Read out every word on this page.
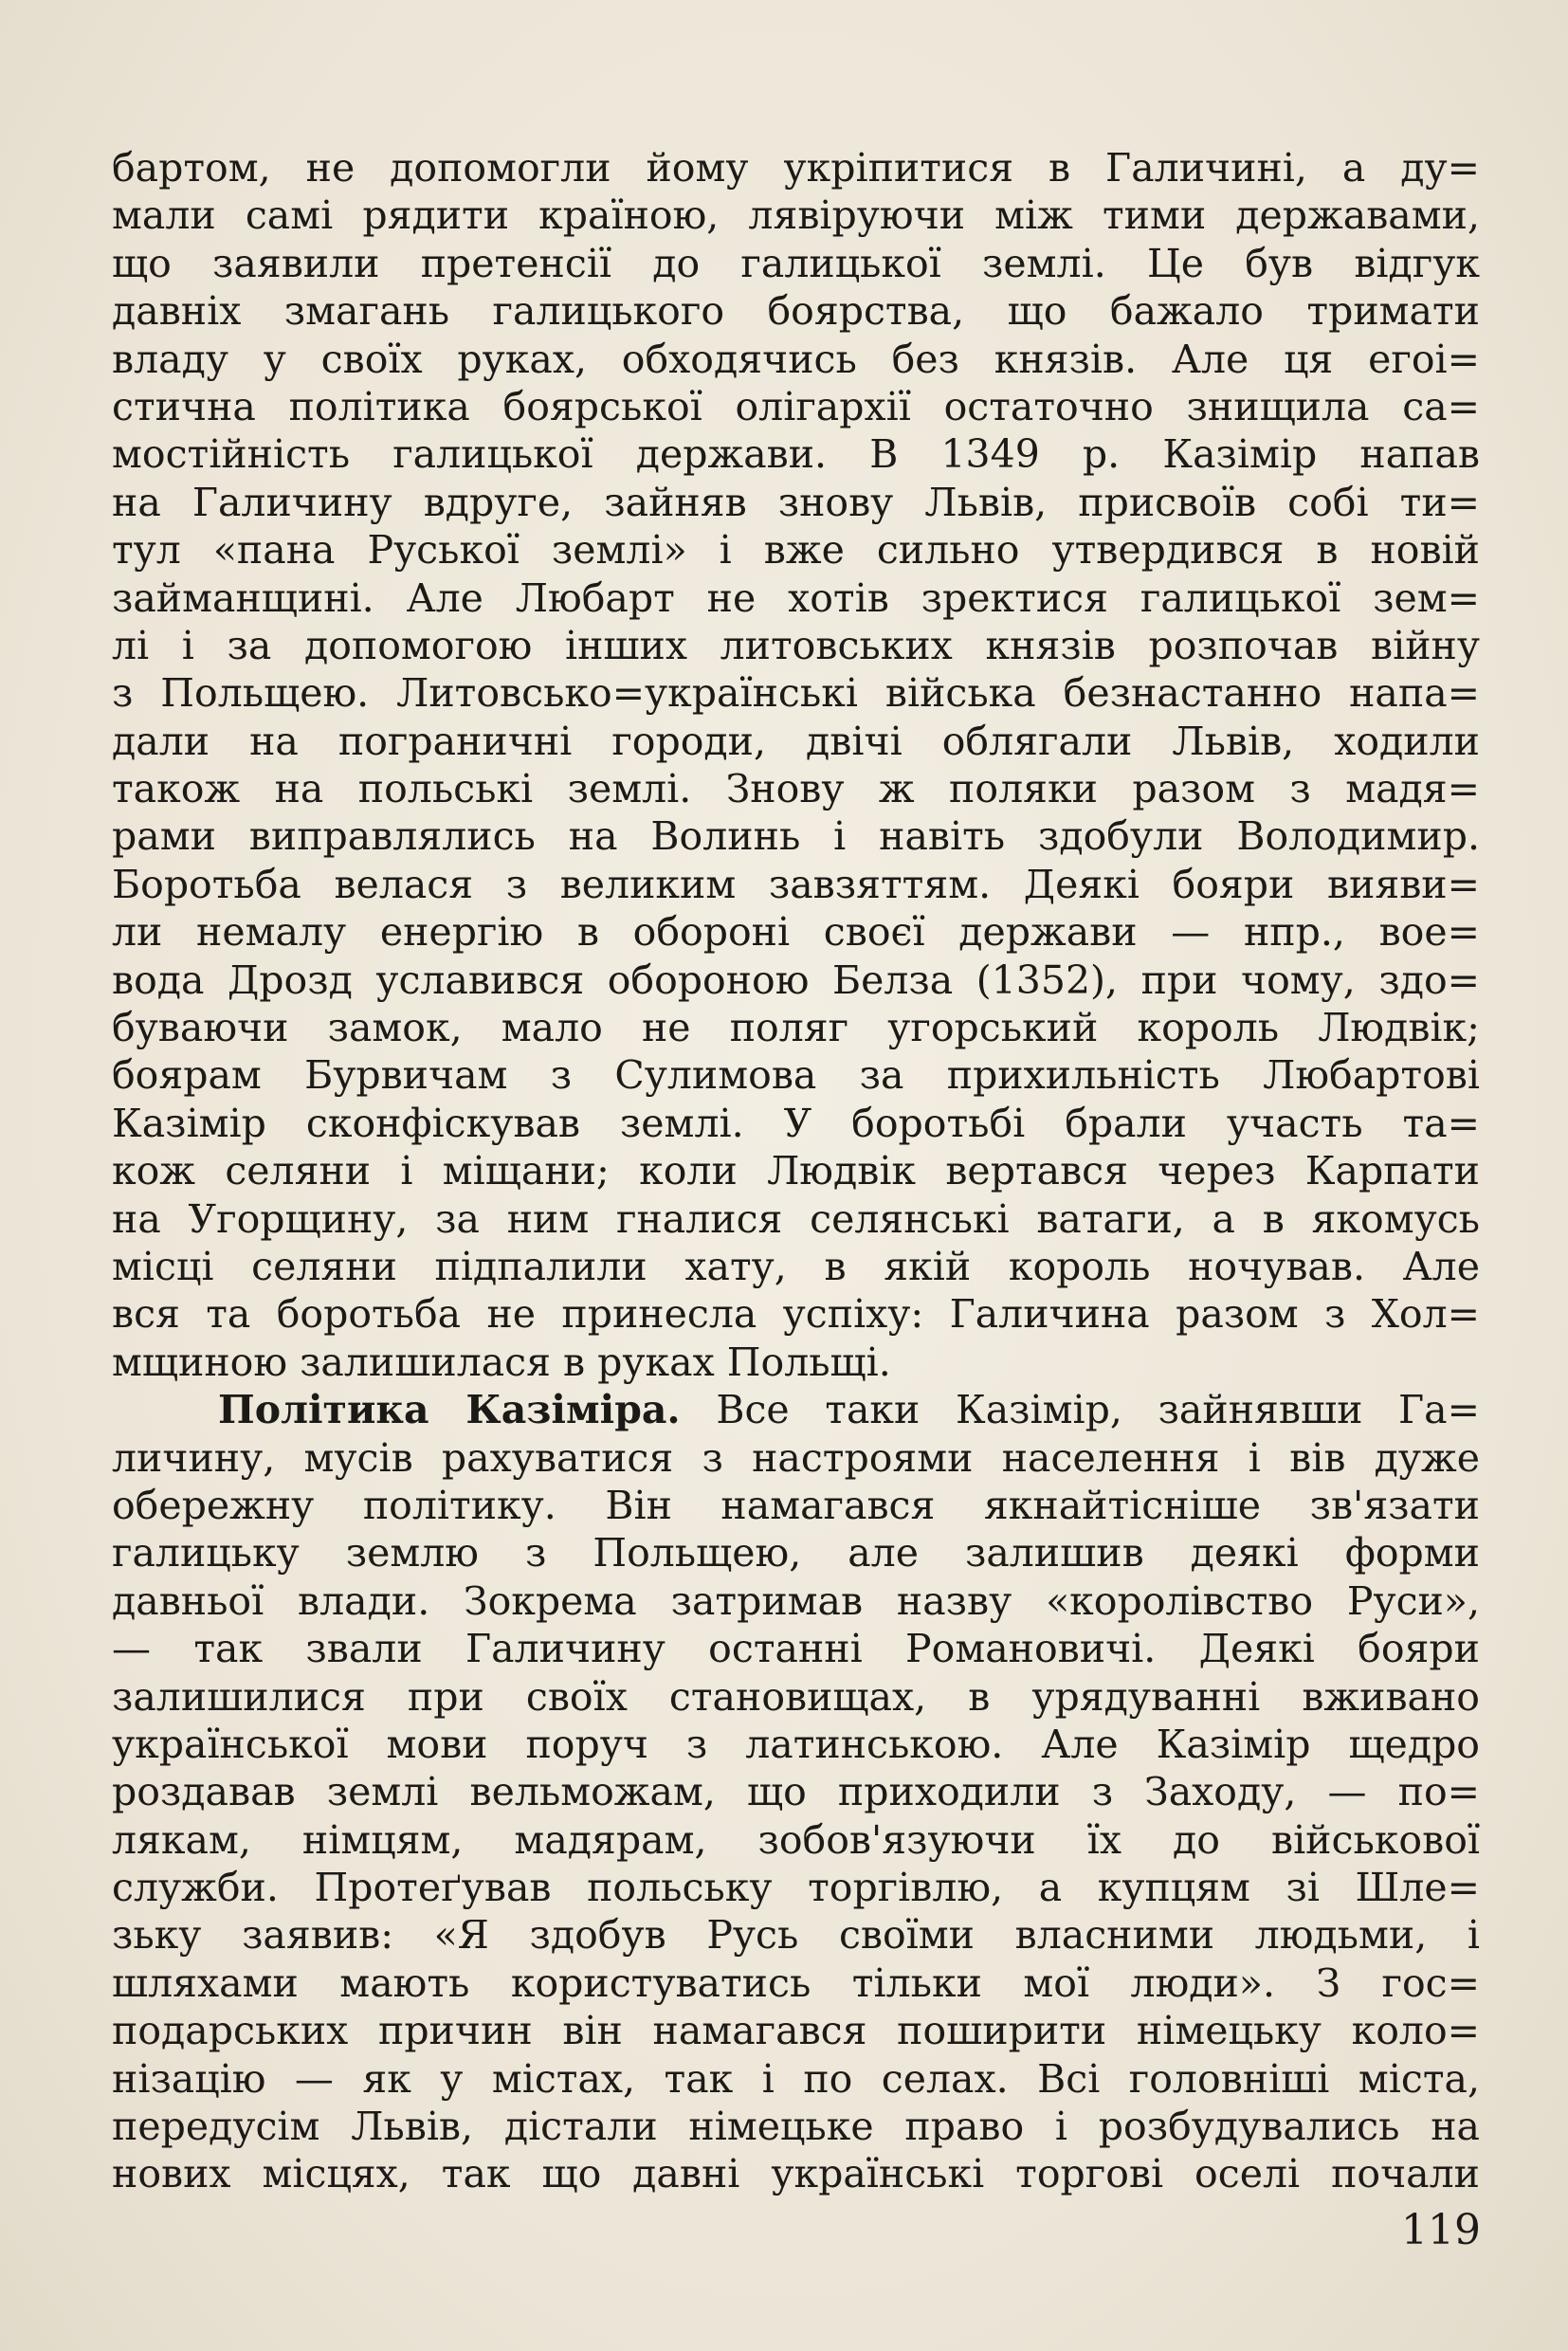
бартом, не допомогли йому укріпитися в Галичині, а ду=
мали самі рядити країною, лявіруючи між тими державами,
що заявили претенсії до галицької землі. Це був відгук
давніх змагань галицького боярства, що бажало тримати
владу у своїх руках, обходячись без князів. Але ця егоі=
стична політика боярської олігархії остаточно знищила са=
мостійність галицької держави. В 1349 р. Казімір напав
на Галичину вдруге, зайняв знову Львів, присвоїв собі ти=
тул «пана Руської землі» і вже сильно утвердився в новій
займанщині. Але Любарт не хотів зректися галицької зем=
лі і за допомогою інших литовських князів розпочав війну
з Польщею. Литовсько=українські війська безнастанно напа=
дали на пограничні городи, двічі облягали Львів, ходили
також на польські землі. Знову ж поляки разом з мадя=
рами виправлялись на Волинь і навіть здобули Володимир.
Боротьба велася з великим завзяттям. Деякі бояри вияви=
ли немалу енергію в обороні своєї держави — нпр., вое=
вода Дрозд уславився обороною Белза (1352), при чому, здо=
буваючи замок, мало не поляг угорський король Людвік;
боярам Бурвичам з Сулимова за прихильність Любартові
Казімір сконфіскував землі. У боротьбі брали участь та=
кож селяни і міщани; коли Людвік вертався через Карпати
на Угорщину, за ним гналися селянські ватаги, а в якомусь
місці селяни підпалили хату, в якій король ночував. Але
вся та боротьба не принесла успіху: Галичина разом з Хол=
мщиною залишилася в руках Польщі.
Політика Казіміра. Все таки Казімір, зайнявши Га=
личину, мусів рахуватися з настроями населення і вів дуже
обережну політику. Він намагався якнайтісніше зв'язати
галицьку землю з Польщею, але залишив деякі форми
давньої влади. Зокрема затримав назву «королівство Руси»,
— так звали Галичину останні Романовичі. Деякі бояри
залишилися при своїх становищах, в урядуванні вживано
української мови поруч з латинською. Але Казімір щедро
роздавав землі вельможам, що приходили з Заходу, — по=
лякам, німцям, мадярам, зобов'язуючи їх до військової
служби. Протеґував польську торгівлю, а купцям зі Шле=
зьку заявив: «Я здобув Русь своїми власними людьми, і
шляхами мають користуватись тільки мої люди». З гос=
подарських причин він намагався поширити німецьку коло=
нізацію — як у містах, так і по селах. Всі головніші міста,
передусім Львів, дістали німецьке право і розбудувались на
нових місцях, так що давні українські торгові оселі почали
119
